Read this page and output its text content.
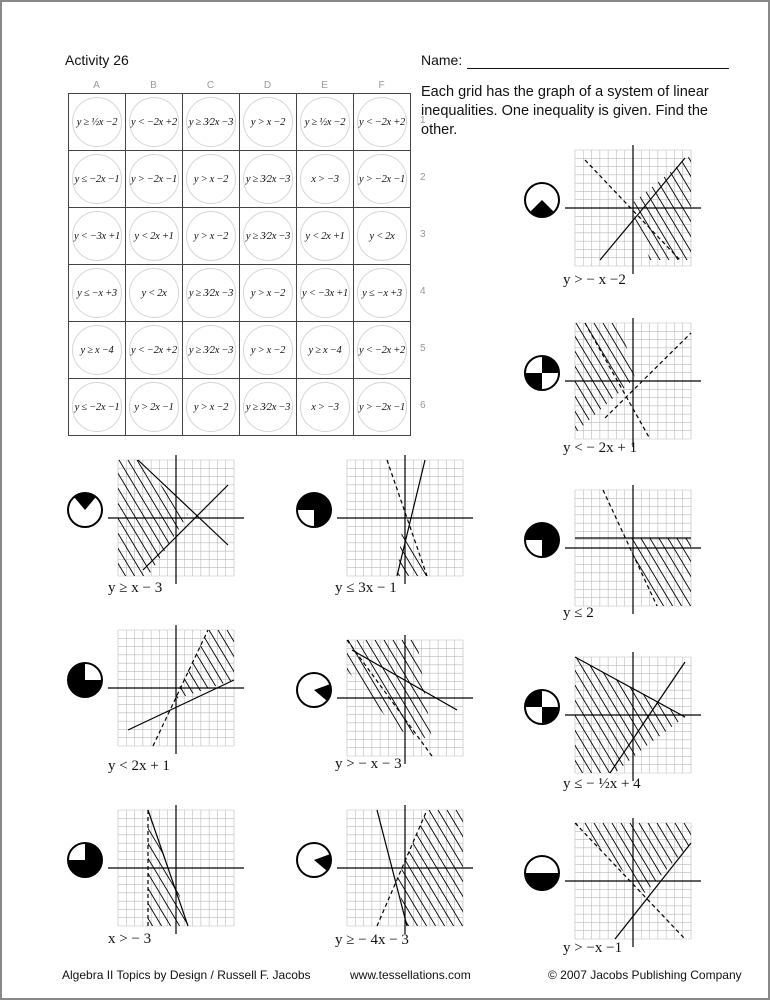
Activity 26	Name:
Each grid has the graph of a system of linear inequalities. One inequality is given. Find the other.
A	B	C	D	E	F
1
2
3
4
5
6
y ≥ ½x −2	y < −2x +2	y ≥ 3⁄2x −3	y > x −2	y ≥ ½x −2	y < −2x +2

y ≤ −2x −1	y > −2x −1	y > x −2	y ≥ 3⁄2x −3	x > −3	y > −2x −1

y < −3x +1	y < 2x +1	y > x −2	y ≥ 3⁄2x −3	y < 2x +1	y < 2x

y ≤ −x +3	y < 2x	y ≥ 3⁄2x −3	y > x −2	y < −3x +1	y ≤ −x +3

y ≥ x −4	y < −2x +2	y ≥ 3⁄2x −3	y > x −2	y ≥ x −4	y < −2x +2

y ≤ −2x −1	y > 2x −1	y > x −2	y ≥ 3⁄2x −3	x > −3	y > −2x −1
y > − x −2
y < − 2x + 1
y ≤ 2
y ≤ − ½x + 4
y > −x −1
y ≥ x − 3	y ≤ 3x − 1
y < 2x + 1	y > − x − 3
x > − 3	y ≥ − 4x − 3
Algebra II Topics by Design / Russell F. Jacobs	www.tessellations.com	© 2007 Jacobs Publishing Company
